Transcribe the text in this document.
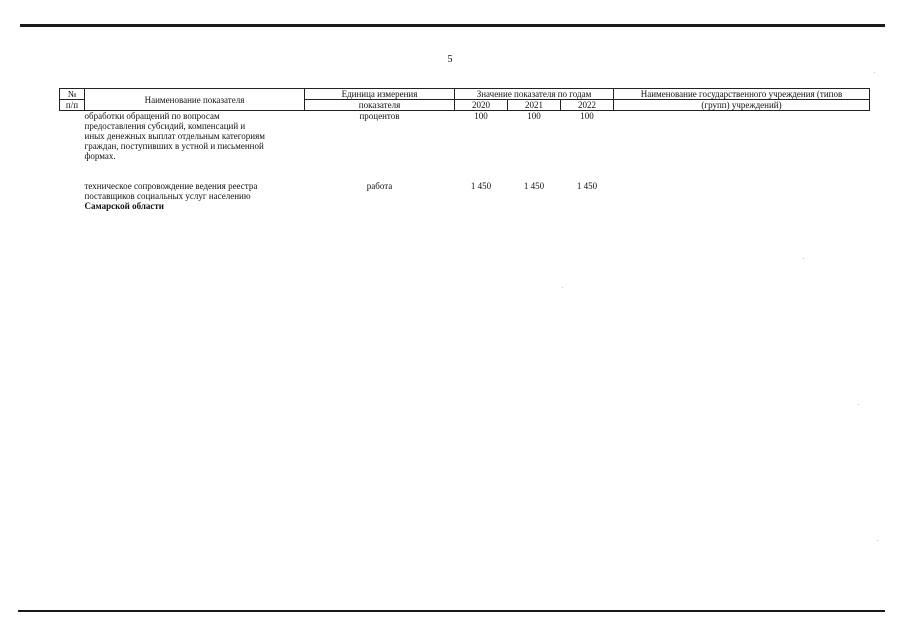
5
№	Наименование показателя	Единица измерения	Значение показателя по годам			Наименование государственного учреждения (типов
п/п		показателя	2020	2021	2022	(групп) учреждений)

	обработки обращений по вопросам
предоставления субсидий, компенсаций и
иных денежных выплат отдельным категориям
граждан, поступивших в устной и письменной
формах.	процентов	100	100	100	

	техническое сопровождение ведения реестра
поставщиков социальных услуг населению
Самарской области	работа	1 450	1 450	1 450	
